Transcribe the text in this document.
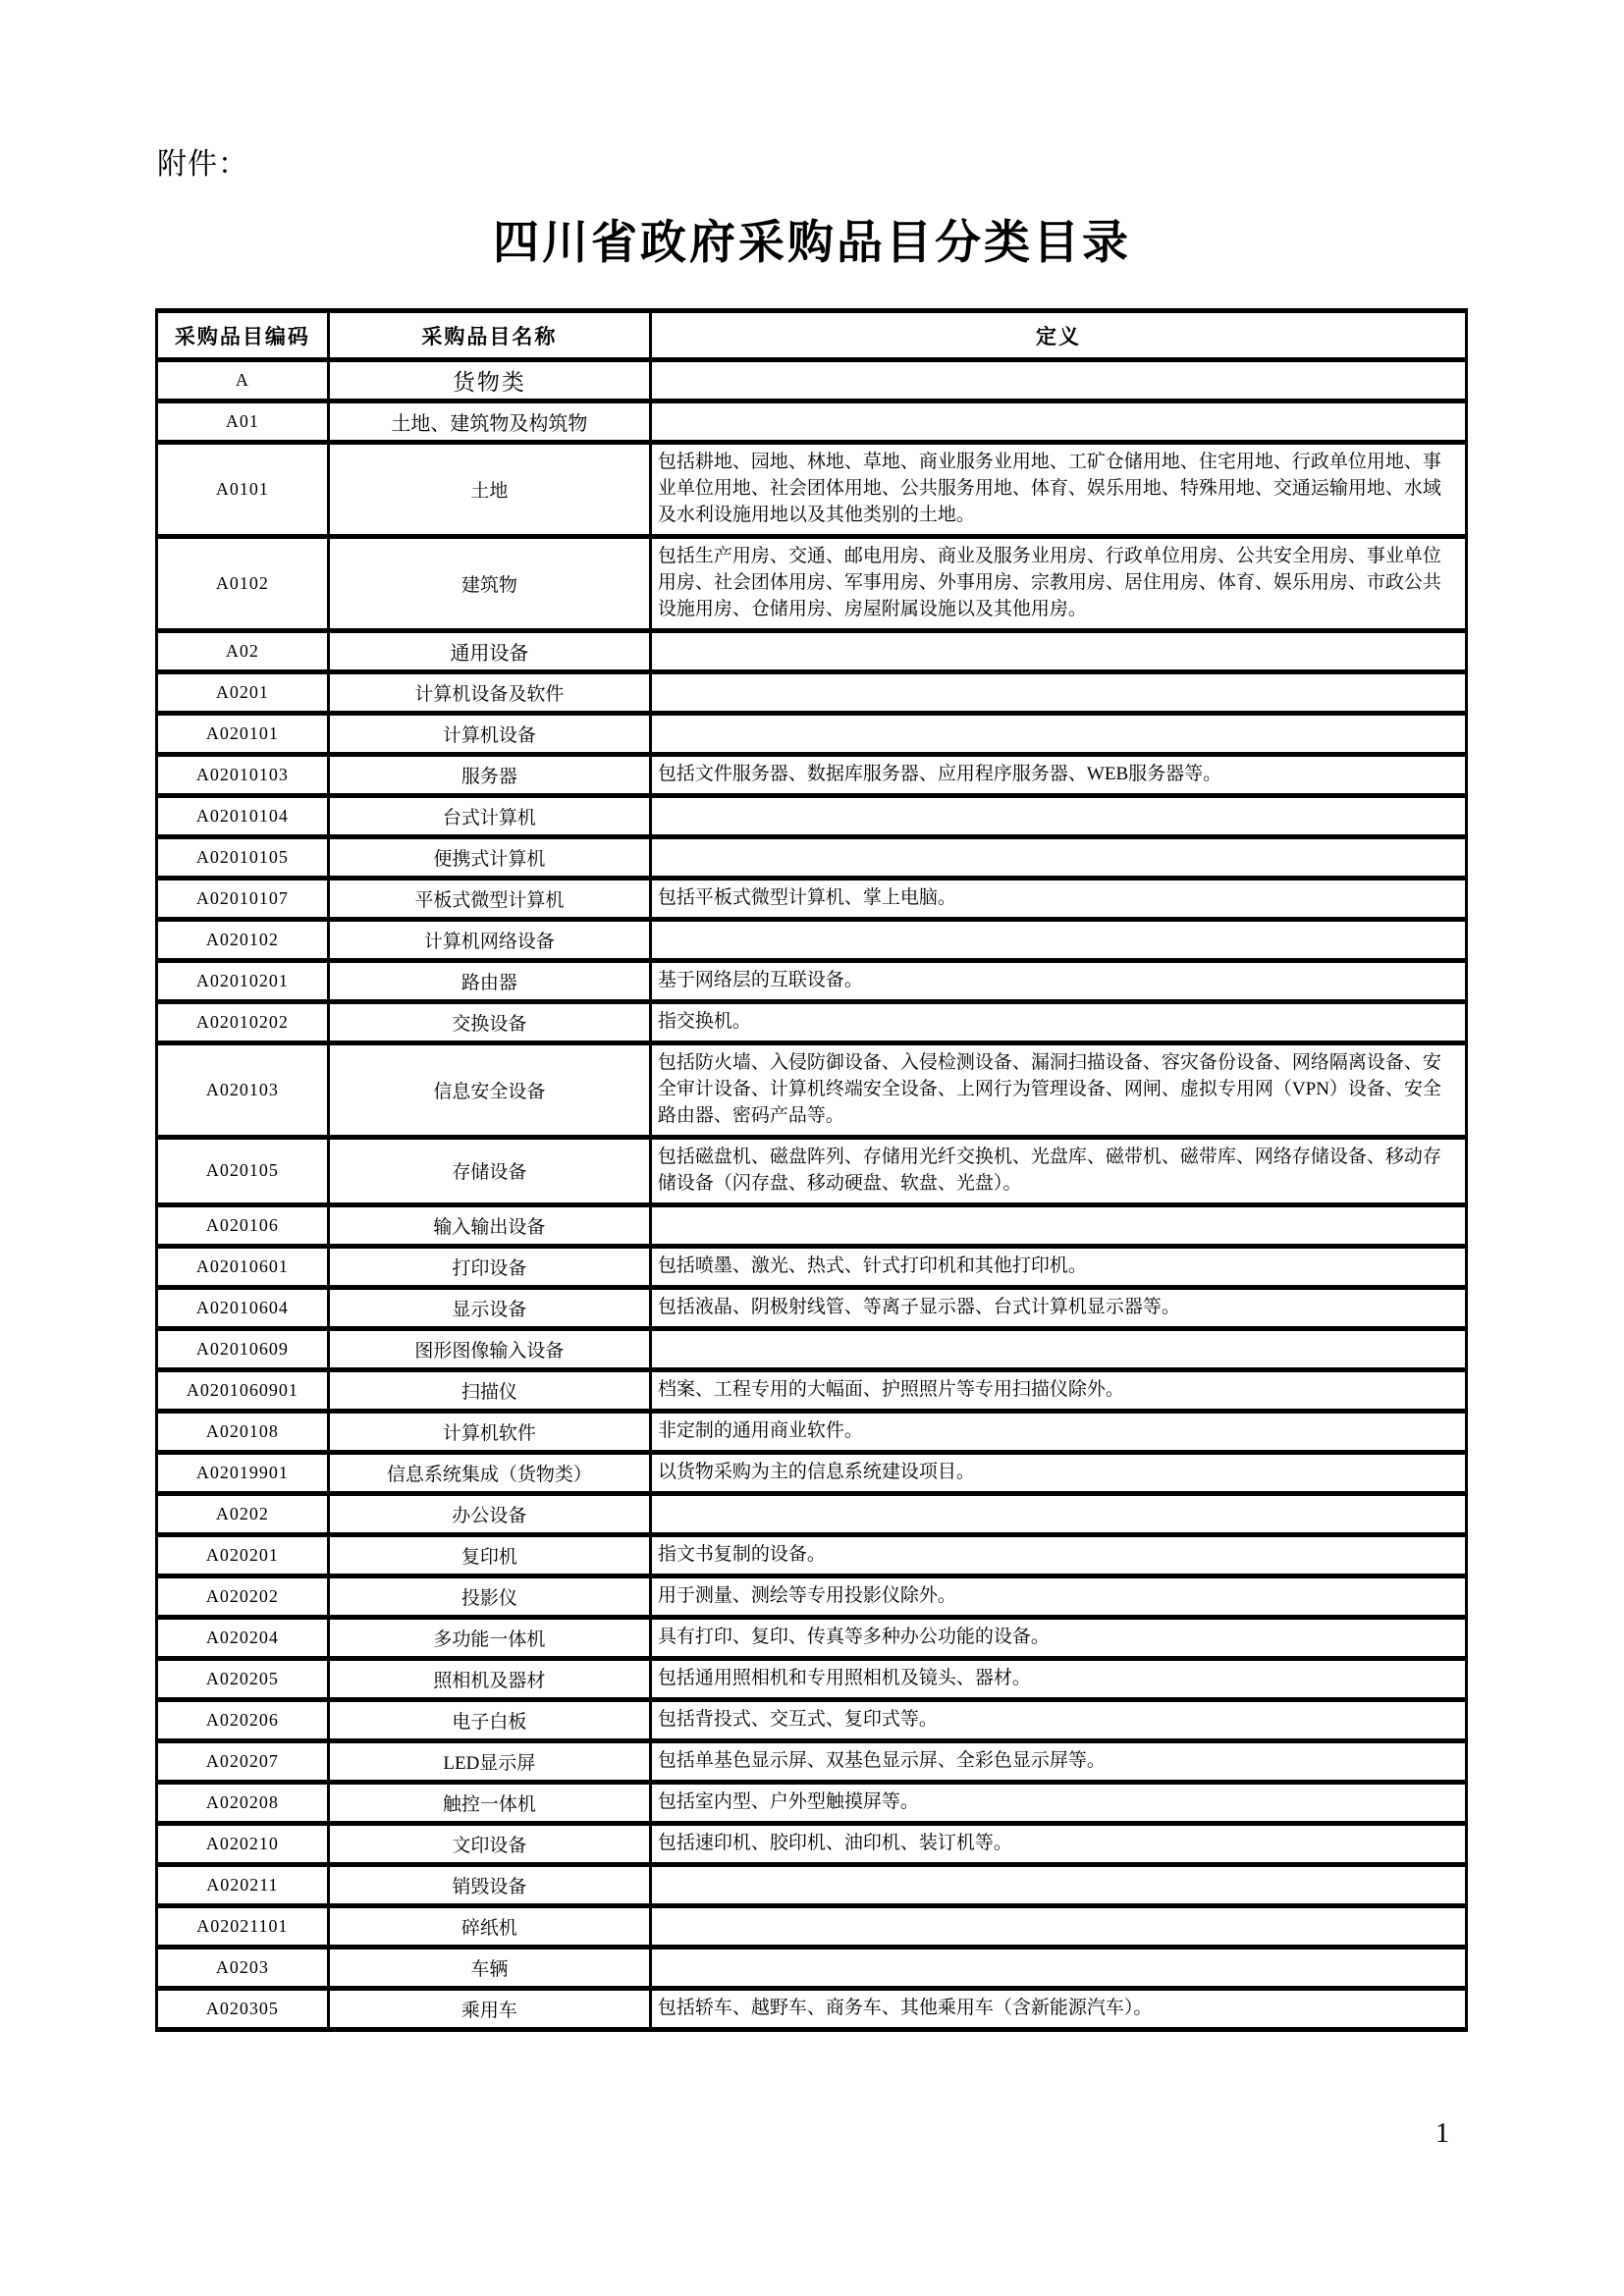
附件：
四川省政府采购品目分类目录
采购品目编码	采购品目名称	定义
A	货物类	
A01	土地、建筑物及构筑物	
A0101	土地	包括耕地、园地、林地、草地、商业服务业用地、工矿仓储用地、住宅用地、行政单位用地、事业单位用地、社会团体用地、公共服务用地、体育、娱乐用地、特殊用地、交通运输用地、水域及水利设施用地以及其他类别的土地。
A0102	建筑物	包括生产用房、交通、邮电用房、商业及服务业用房、行政单位用房、公共安全用房、事业单位用房、社会团体用房、军事用房、外事用房、宗教用房、居住用房、体育、娱乐用房、市政公共设施用房、仓储用房、房屋附属设施以及其他用房。
A02	通用设备	
A0201	计算机设备及软件	
A020101	计算机设备	
A02010103	服务器	包括文件服务器、数据库服务器、应用程序服务器、WEB服务器等。
A02010104	台式计算机	
A02010105	便携式计算机	
A02010107	平板式微型计算机	包括平板式微型计算机、掌上电脑。
A020102	计算机网络设备	
A02010201	路由器	基于网络层的互联设备。
A02010202	交换设备	指交换机。
A020103	信息安全设备	包括防火墙、入侵防御设备、入侵检测设备、漏洞扫描设备、容灾备份设备、网络隔离设备、安全审计设备、计算机终端安全设备、上网行为管理设备、网闸、虚拟专用网（VPN）设备、安全路由器、密码产品等。
A020105	存储设备	包括磁盘机、磁盘阵列、存储用光纤交换机、光盘库、磁带机、磁带库、网络存储设备、移动存储设备（闪存盘、移动硬盘、软盘、光盘）。
A020106	输入输出设备	
A02010601	打印设备	包括喷墨、激光、热式、针式打印机和其他打印机。
A02010604	显示设备	包括液晶、阴极射线管、等离子显示器、台式计算机显示器等。
A02010609	图形图像输入设备	
A0201060901	扫描仪	档案、工程专用的大幅面、护照照片等专用扫描仪除外。
A020108	计算机软件	非定制的通用商业软件。
A02019901	信息系统集成（货物类）	以货物采购为主的信息系统建设项目。
A0202	办公设备	
A020201	复印机	指文书复制的设备。
A020202	投影仪	用于测量、测绘等专用投影仪除外。
A020204	多功能一体机	具有打印、复印、传真等多种办公功能的设备。
A020205	照相机及器材	包括通用照相机和专用照相机及镜头、器材。
A020206	电子白板	包括背投式、交互式、复印式等。
A020207	LED显示屏	包括单基色显示屏、双基色显示屏、全彩色显示屏等。
A020208	触控一体机	包括室内型、户外型触摸屏等。
A020210	文印设备	包括速印机、胶印机、油印机、装订机等。
A020211	销毁设备	
A02021101	碎纸机	
A0203	车辆	
A020305	乘用车	包括轿车、越野车、商务车、其他乘用车（含新能源汽车）。
1
